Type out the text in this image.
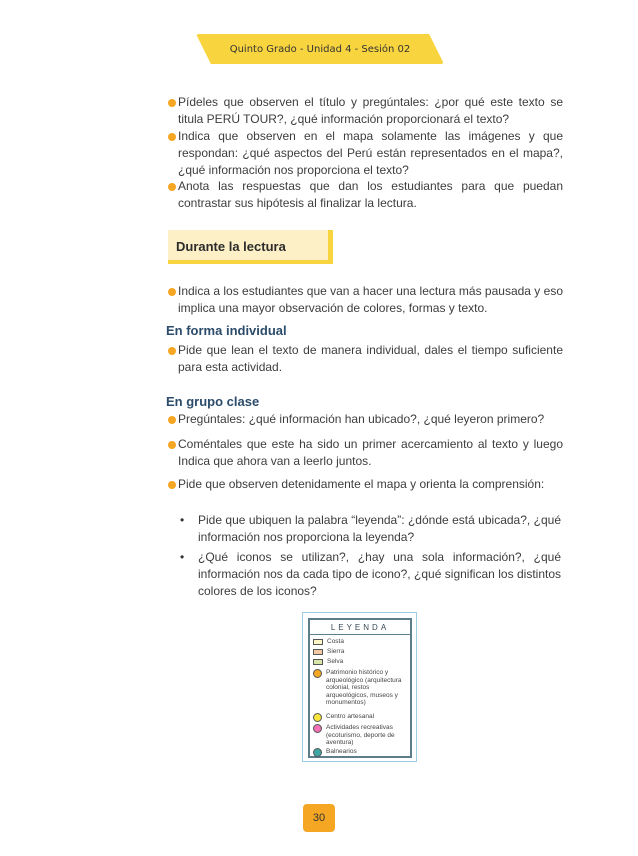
Quinto Grado - Unidad 4 - Sesión 02
Pídeles que observen el título y pregúntales: ¿por qué este texto se titula PERÚ TOUR?, ¿qué información proporcionará el texto?
Indica que observen en el mapa solamente las imágenes y que respondan: ¿qué aspectos del Perú están representados en el mapa?, ¿qué información nos proporciona el texto?
Anota las respuestas que dan los estudiantes para que puedan contrastar sus hipótesis al finalizar la lectura.
Durante la lectura
Indica a los estudiantes que van a hacer una lectura más pausada y eso implica una mayor observación de colores, formas y texto.
En forma individual
Pide que lean el texto de manera individual, dales el tiempo suficiente para esta actividad.
En grupo clase
Pregúntales: ¿qué información han ubicado?, ¿qué leyeron primero?
Coméntales que este ha sido un primer acercamiento al texto y luego Indica que ahora van a leerlo juntos.
Pide que observen detenidamente el mapa y orienta la comprensión:
• Pide que ubiquen la palabra “leyenda”: ¿dónde está ubicada?, ¿qué información nos proporciona la leyenda?
• ¿Qué iconos se utilizan?, ¿hay una sola información?, ¿qué información nos da cada tipo de icono?, ¿qué significan los distintos colores de los iconos?
LEYENDA
Costa
Sierra
Selva
Patrimonio histórico y arqueológico (arquitectura colonial, restos arqueológicos, museos y monumentos)
Centro artesanal
Actividades recreativas (ecoturismo, deporte de aventura)
Balnearios
30
